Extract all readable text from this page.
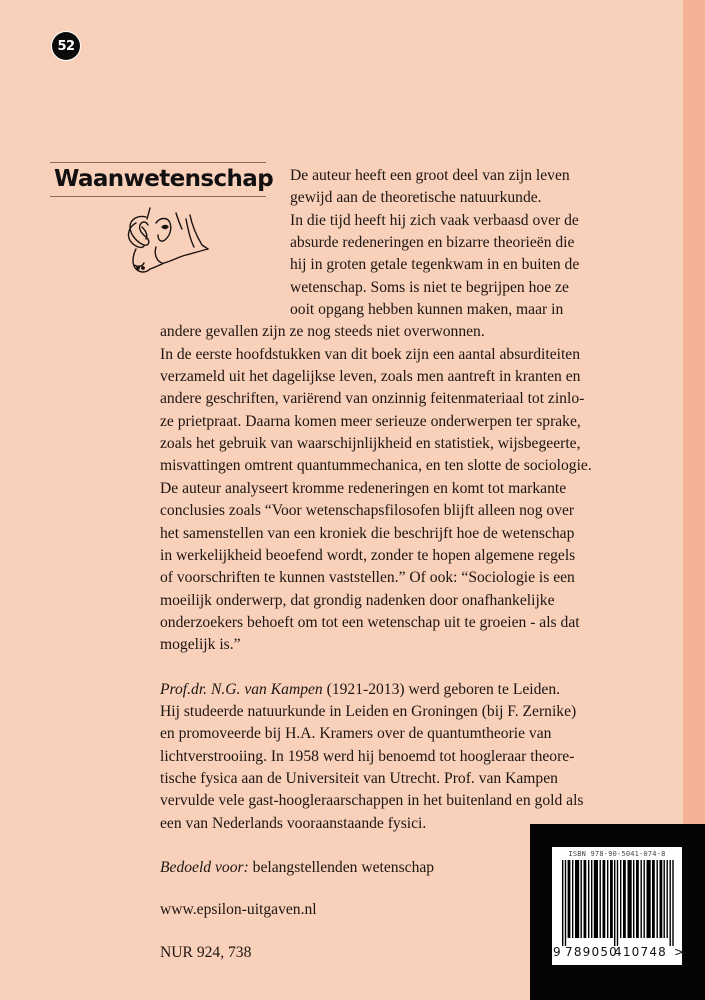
52
Waanwetenschap	De auteur heeft een groot deel van zijn leven
gewijd aan de theoretische natuurkunde.
In die tijd heeft hij zich vaak verbaasd over de
absurde redeneringen en bizarre theorieën die
hij in groten getale tegenkwam in en buiten de
wetenschap. Soms is niet te begrijpen hoe ze
ooit opgang hebben kunnen maken, maar in
andere gevallen zijn ze nog steeds niet overwonnen.
In de eerste hoofdstukken van dit boek zijn een aantal absurditeiten
verzameld uit het dagelijkse leven, zoals men aantreft in kranten en
andere geschriften, variërend van onzinnig feitenmateriaal tot zinlo-
ze prietpraat. Daarna komen meer serieuze onderwerpen ter sprake,
zoals het gebruik van waarschijnlijkheid en statistiek, wijsbegeerte,
misvattingen omtrent quantummechanica, en ten slotte de sociologie.
De auteur analyseert kromme redeneringen en komt tot markante
conclusies zoals “Voor wetenschapsfilosofen blijft alleen nog over
het samenstellen van een kroniek die beschrijft hoe de wetenschap
in werkelijkheid beoefend wordt, zonder te hopen algemene regels
of voorschriften te kunnen vaststellen.” Of ook: “Sociologie is een
moeilijk onderwerp, dat grondig nadenken door onafhankelijke
onderzoekers behoeft om tot een wetenschap uit te groeien - als dat
mogelijk is.”
Prof.dr. N.G. van Kampen (1921-2013) werd geboren te Leiden.
Hij studeerde natuurkunde in Leiden en Groningen (bij F. Zernike)
en promoveerde bij H.A. Kramers over de quantumtheorie van
lichtverstrooiing. In 1958 werd hij benoemd tot hoogleraar theore-
tische fysica aan de Universiteit van Utrecht. Prof. van Kampen
vervulde vele gast-hoogleraarschappen in het buitenland en gold als
een van Nederlands vooraanstaande fysici.
Bedoeld voor: belangstellenden wetenschap
www.epsilon-uitgaven.nl
NUR 924, 738
ISBN 978-90-5041-074-8
9 789050
410748 >
